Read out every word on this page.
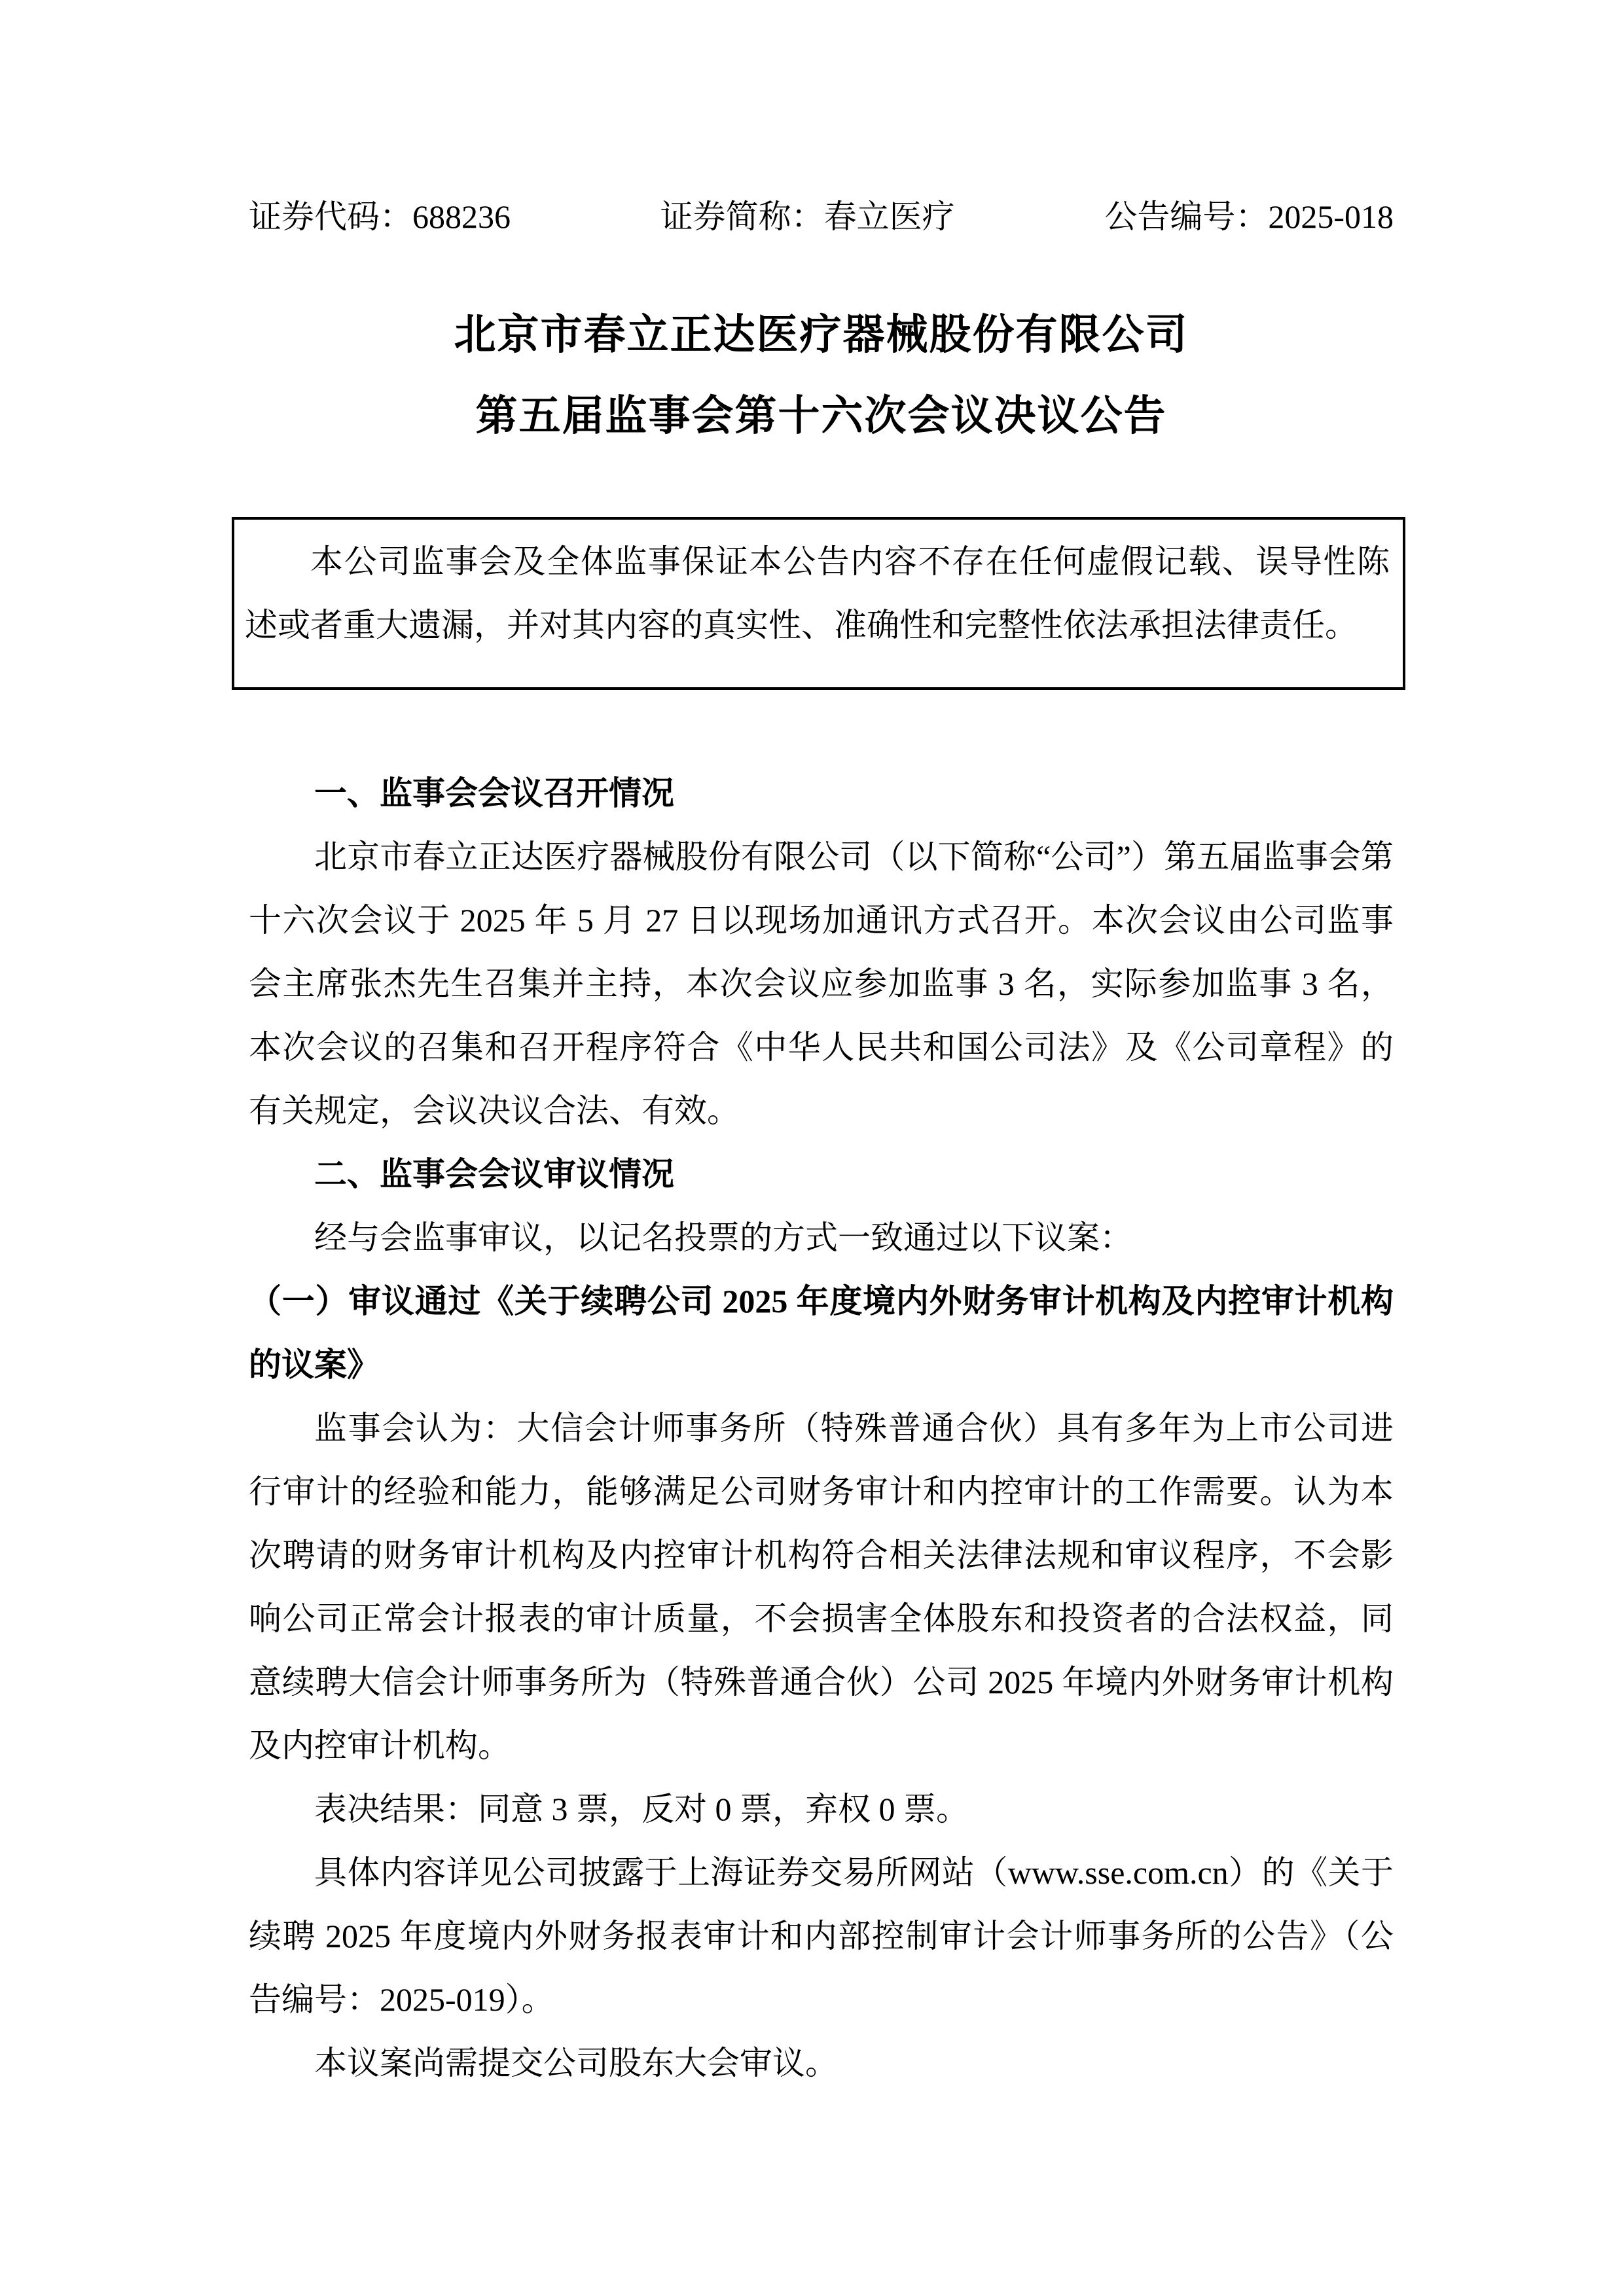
证券代码：688236	证券简称：春立医疗	公告编号：2025-018
北京市春立正达医疗器械股份有限公司
第五届监事会第十六次会议决议公告

本公司监事会及全体监事保证本公告内容不存在任何虚假记载、误导性陈述或者重大遗漏，并对其内容的真实性、准确性和完整性依法承担法律责任。

一、监事会会议召开情况

北京市春立正达医疗器械股份有限公司（以下简称“公司”）第五届监事会第十六次会议于 2025 年 5 月 27 日以现场加通讯方式召开。本次会议由公司监事会主席张杰先生召集并主持，本次会议应参加监事 3 名，实际参加监事 3 名，本次会议的召集和召开程序符合《中华人民共和国公司法》及《公司章程》的有关规定，会议决议合法、有效。

二、监事会会议审议情况

经与会监事审议，以记名投票的方式一致通过以下议案：

（一）审议通过《关于续聘公司 2025 年度境内外财务审计机构及内控审计机构的议案》

监事会认为：大信会计师事务所（特殊普通合伙）具有多年为上市公司进行审计的经验和能力，能够满足公司财务审计和内控审计的工作需要。认为本次聘请的财务审计机构及内控审计机构符合相关法律法规和审议程序，不会影响公司正常会计报表的审计质量，不会损害全体股东和投资者的合法权益，同意续聘大信会计师事务所为（特殊普通合伙）公司 2025 年境内外财务审计机构及内控审计机构。

表决结果：同意 3 票，反对 0 票，弃权 0 票。

具体内容详见公司披露于上海证券交易所网站（www.sse.com.cn）的《关于续聘 2025 年度境内外财务报表审计和内部控制审计会计师事务所的公告》（公告编号：2025-019）。

本议案尚需提交公司股东大会审议。
